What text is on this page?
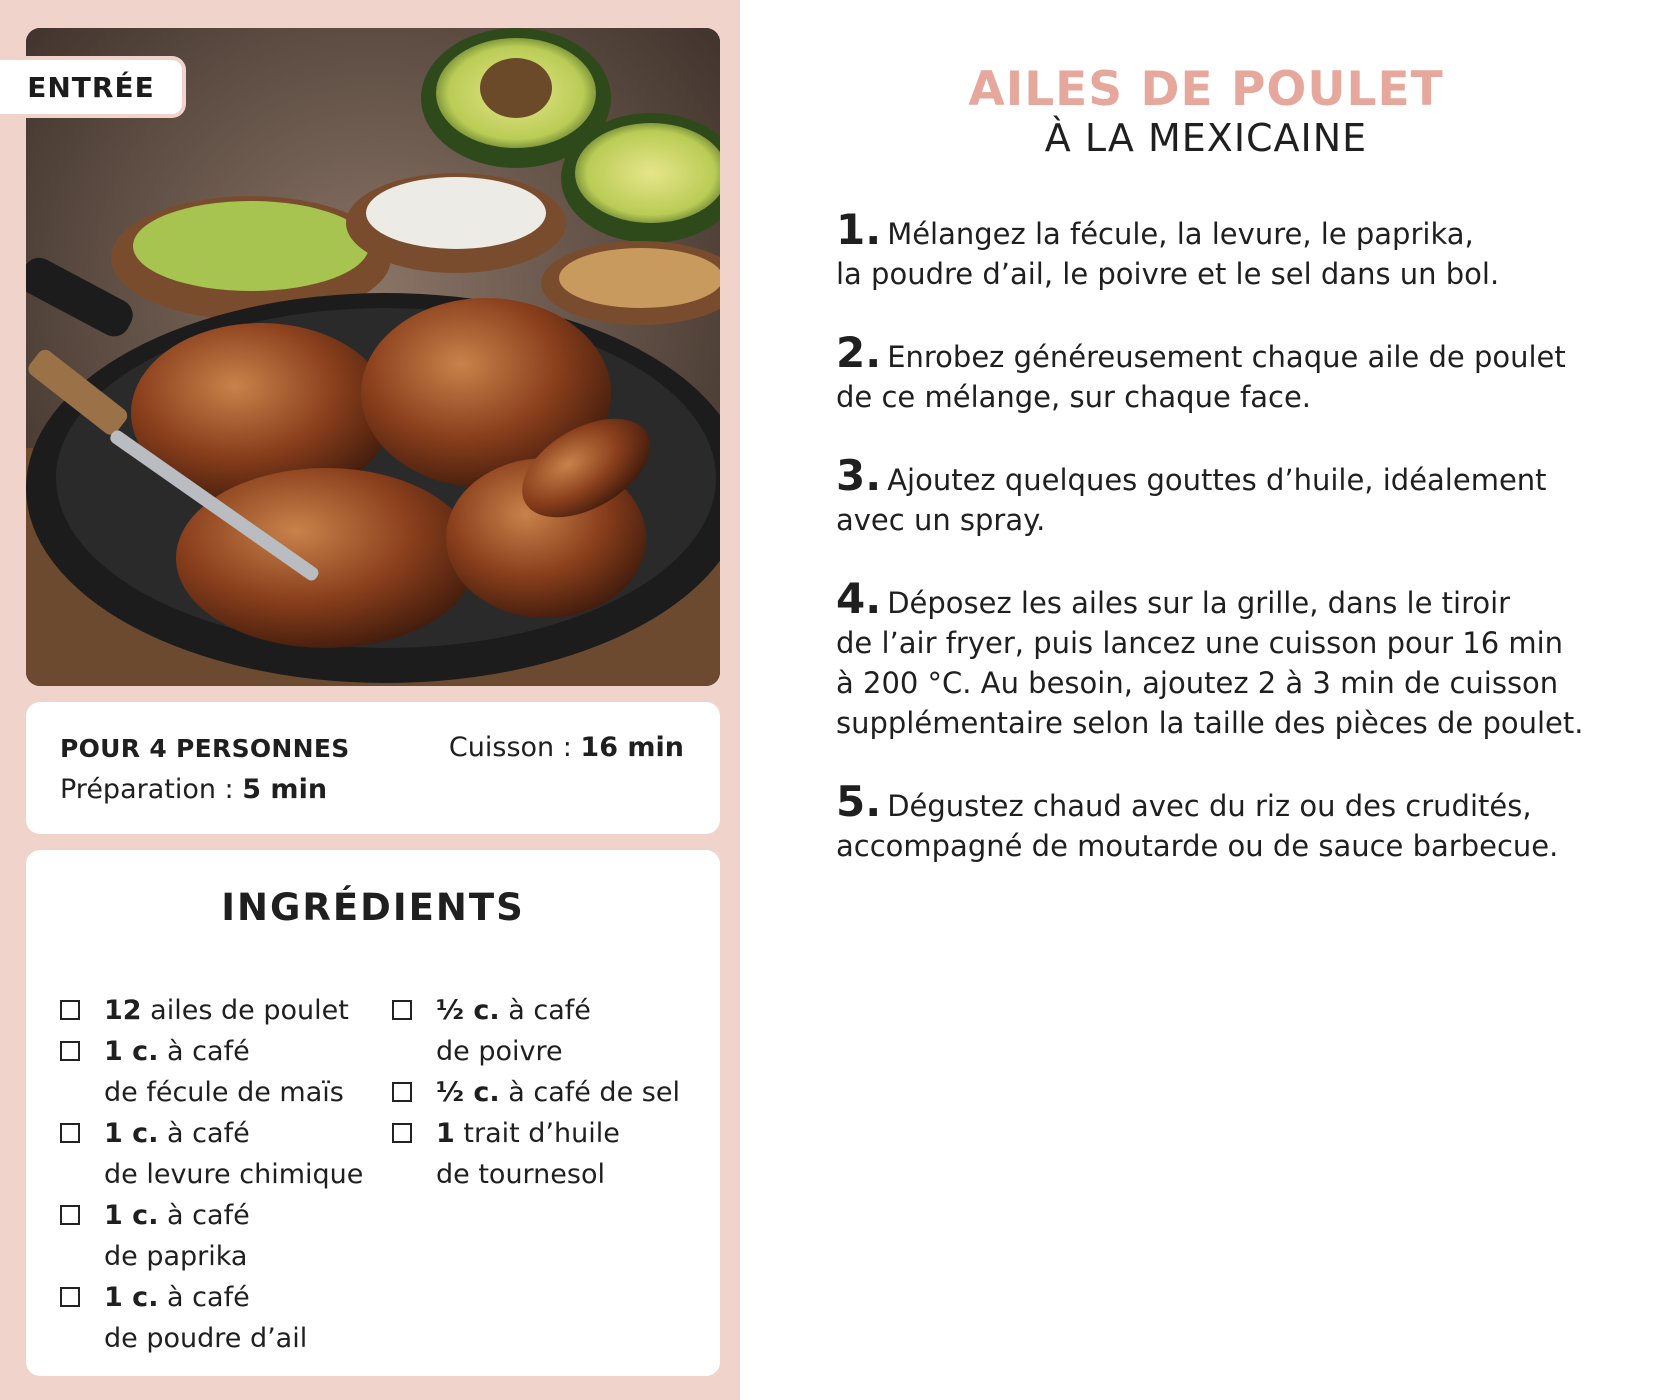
ENTRÉE
POUR 4 PERSONNES
Préparation : 5 min
Cuisson : 16 min
INGRÉDIENTS
12 ailes de poulet
1 c. à café
de fécule de maïs
1 c. à café
de levure chimique
1 c. à café
de paprika
1 c. à café
de poudre d’ail
½ c. à café
de poivre
½ c. à café de sel
1 trait d’huile
de tournesol
AILES DE POULET
À LA MEXICAINE
1. Mélangez la fécule, la levure, le paprika,
la poudre d’ail, le poivre et le sel dans un bol.
2. Enrobez généreusement chaque aile de poulet
de ce mélange, sur chaque face.
3. Ajoutez quelques gouttes d’huile, idéalement
avec un spray.
4. Déposez les ailes sur la grille, dans le tiroir
de l’air fryer, puis lancez une cuisson pour 16 min
à 200 °C. Au besoin, ajoutez 2 à 3 min de cuisson
supplémentaire selon la taille des pièces de poulet.
5. Dégustez chaud avec du riz ou des crudités,
accompagné de moutarde ou de sauce barbecue.
